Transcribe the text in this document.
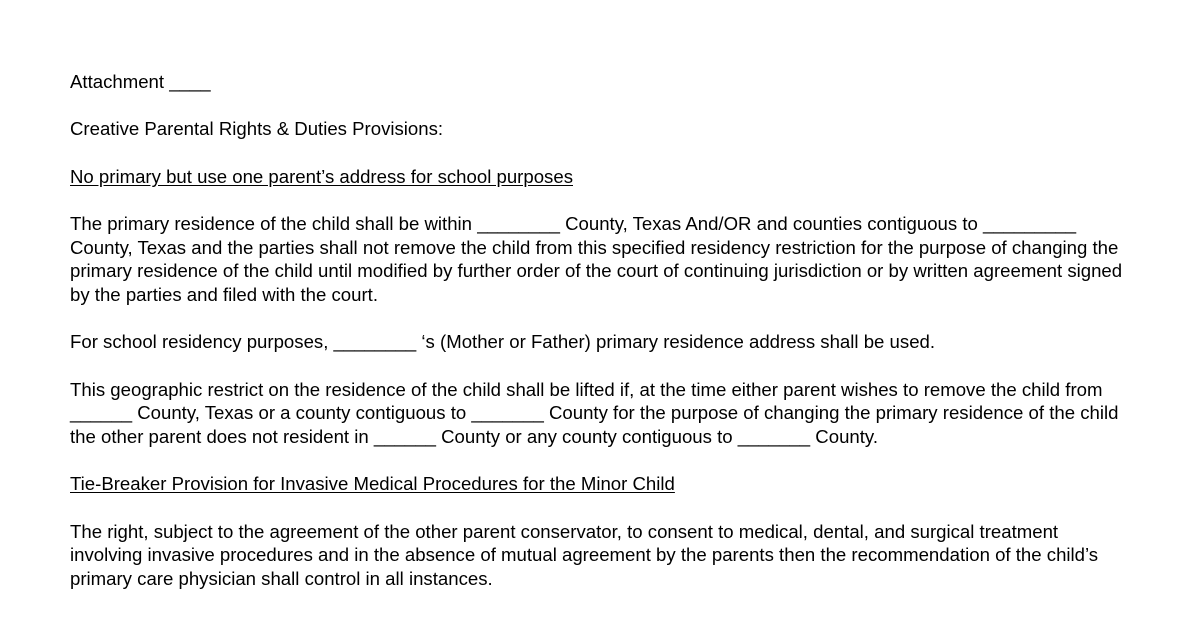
Attachment ____

Creative Parental Rights & Duties Provisions:

No primary but use one parent’s address for school purposes

The primary residence of the child shall be within ________ County, Texas And/OR and counties contiguous to _________ County, Texas and the parties shall not remove the child from this specified residency restriction for the purpose of changing the primary residence of the child until modified by further order of the court of continuing jurisdiction or by written agreement signed by the parties and filed with the court.

For school residency purposes, ________ ‘s (Mother or Father) primary residence address shall be used.

This geographic restrict on the residence of the child shall be lifted if, at the time either parent wishes to remove the child from ______ County, Texas or a county contiguous to _______ County for the purpose of changing the primary residence of the child the other parent does not resident in ______ County or any county contiguous to _______ County.

Tie-Breaker Provision for Invasive Medical Procedures for the Minor Child

The right, subject to the agreement of the other parent conservator, to consent to medical, dental, and surgical treatment involving invasive procedures and in the absence of mutual agreement by the parents then the recommendation of the child’s primary care physician shall control in all instances.
